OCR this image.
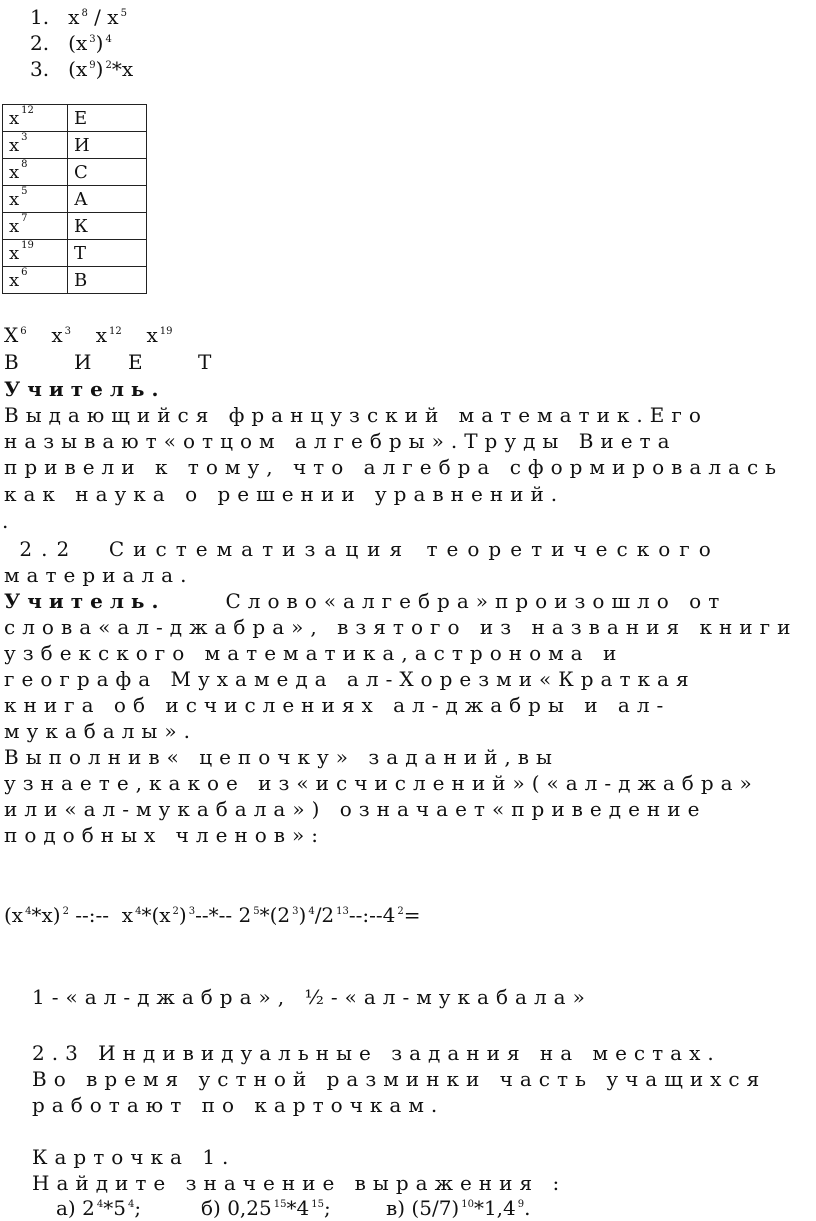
1. x $^8$ / x $^5$
2. (x $^3$) $^4$
3. (x $^9$) $^2$*x
x $^{12}$	Е
x $^3$	И
x $^8$	С
x $^5$	А
x $^7$	К
x $^{19}$	Т
x $^6$	В
X $^6$ x $^3$ x $^{12}$ x $^{19}$
В	И Е	Т
Учитель.
Выдающийся французский математик.Его
называют«отцом алгебры».Труды Виета
привели к тому, что алгебра сформировалась
как наука о решении уравнений.
.
2.2  Систематизация теоретического
материала.
Учитель.	Слово«алгебра»произошло от
слова«ал-джабра», взятого из названия книги
узбекского математика,астронома и
географа Мухамеда ал-Хорезми«Краткая
книга об исчислениях ал-джабры и ал-
мукабалы».
Выполнив« цепочку» заданий,вы
узнаете,какое из«исчислений»(«ал-джабра»
или«ал-мукабала») означает«приведение
подобных членов»:

(x $^4$*x) $^2$ --:--  x $^4$*(x $^2$) $^3$--*-- 2 $^5$*(2 $^3$) $^4$/2 $^{13}$--:--4 $^2$=

1-«ал-джабра», ½-«ал-мукабала»
2.3 Индивидуальные задания на местах.
Во время устной разминки часть учащихся
работают по карточкам.
Карточка 1.
Найдите значение выражения :
а) 2 $^4$*5 $^4$;	б) 0,25 $^{15}$*4 $^{15}$;	в) (5/7) $^{10}$*1,4 $^9$.
